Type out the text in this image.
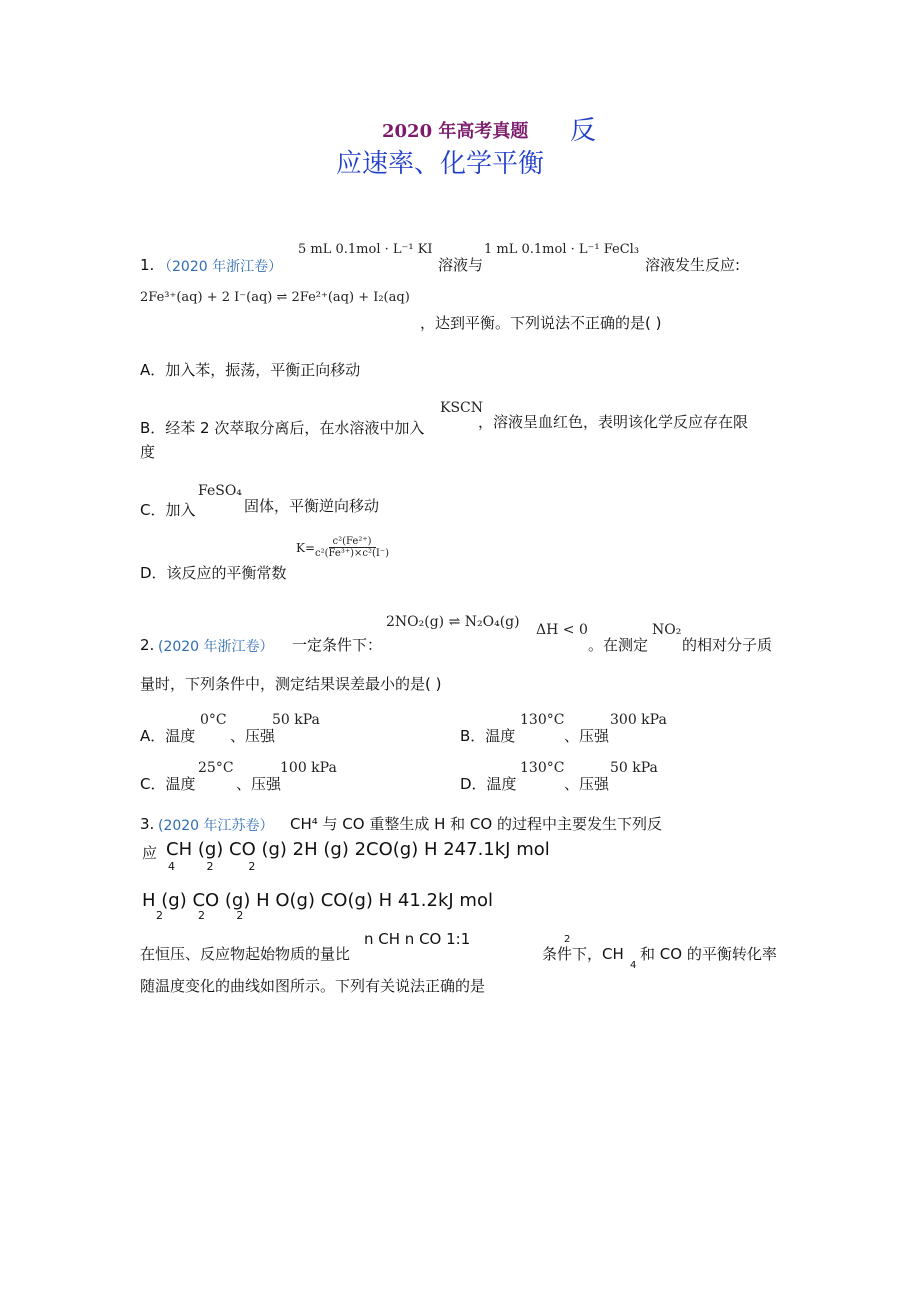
2020 年高考真题 反
应速率、化学平衡
1. （2020 年浙江卷）
5 mL 0.1mol · L⁻¹ KI
溶液与
1 mL 0.1mol · L⁻¹ FeCl₃
溶液发生反应:
2Fe³⁺(aq) + 2 I⁻(aq) ⇌ 2Fe²⁺(aq) + I₂(aq)
，达到平衡。下列说法不正确的是( )
A．加入苯，振荡，平衡正向移动
B．经苯 2 次萃取分离后，在水溶液中加入
KSCN
，溶液呈血红色，表明该化学反应存在限
度
FeSO₄
C．加入	固体，平衡逆向移动
D．该反应的平衡常数
$K= \frac{\text{c²(Fe²⁺)}}{\text{c²(Fe³⁺)×c²(I⁻)}}$
2. (2020 年浙江卷） 一定条件下：
2NO₂(g) ⇌ N₂O₄(g) ΔH < 0
。在测定
NO₂
的相对分子质
量时，下列条件中，测定结果误差最小的是( )
A．温度
0°C
、压强
50 kPa
B．温度
130°C
、压强
300 kPa
C．温度
25°C
、压强
100 kPa
D．温度
130°C
、压强
50 kPa
3. (2020 年江苏卷） CH⁴ 与 CO 重整生成 H 和 CO 的过程中主要发生下列反
应 CH (g) CO (g) 2H (g) 2CO(g) H 247.1kJ mol
4         2          2
H (g) CO (g) H O(g) CO(g) H 41.2kJ mol
2          2         2
在恒压、反应物起始物质的量比
n CH n CO 1:1
条件下，CH
4
2
和 CO 的平衡转化率
随温度变化的曲线如图所示。下列有关说法正确的是
